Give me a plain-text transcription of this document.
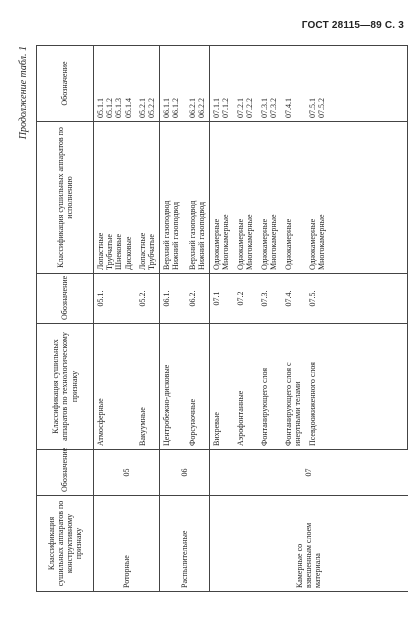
ГОСТ 28115—89 С. 3
Продолжение табл. 1
Классификация сушильных аппаратов по конструктивному признаку	Обозначение	Классификация сушильных аппаратов по технологическому признаку	Обозначение	Классификация сушильных аппаратов по исполнению	Обозначение
Роторные	05	Атмосферные	05.1.	Лопастные Трубчатые Шнековые Дисковые	05.1.1 05.1.2 05.1.3 05.1.4

		Вакуумные	05.2.	Лопастные Трубчатые	05.2.1 05.2.2

Распылительные	06	Центробежно-дисковые	06.1.	Верхний газоподвод Нижний газоподвод	06.1.1 06.1.2

		Форсуночные	06.2.	Верхний газоподвод Нижний газоподвод	06.2.1 06.2.2

Камерные со взвешенным слоем материала	07	Вихревые	07.1	Однокамерные Многокамерные	07.1.1 07.1.2

		Аэрофонтанные	07.2	Однокамерные Многокамерные	07.2.1 07.2.2

		Фонтанирующего слоя	07.3.	Однокамерные Многокамерные	07.3.1 07.3.2

		Фонтанирующего слоя с инертными телами	07.4.	Однокамерные	07.4.1

		Псевдоожиженного слоя	07.5.	Однокамерные Многокамерные	07.5.1 07.5.2
